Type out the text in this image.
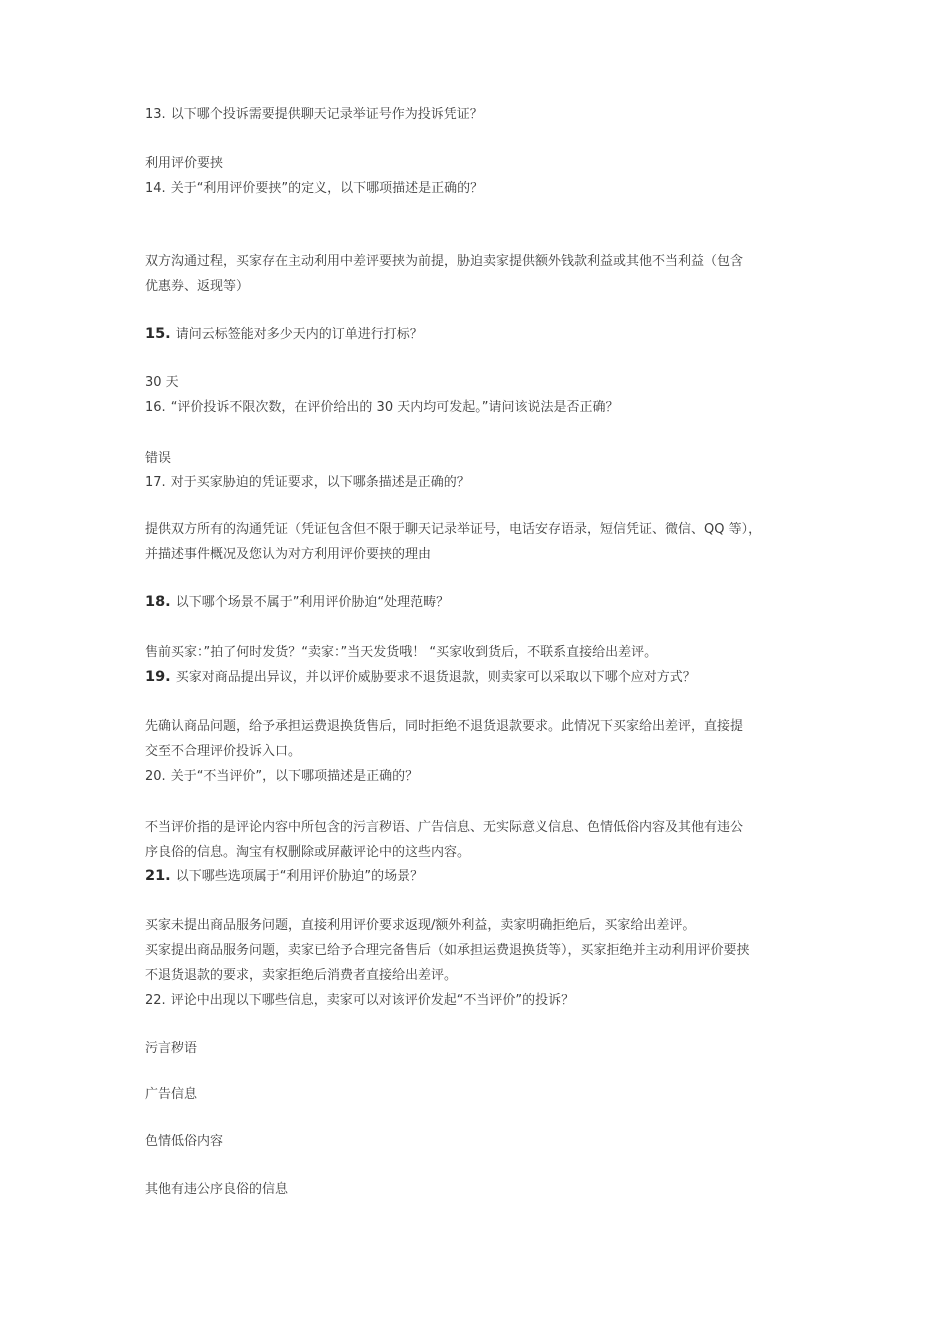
13. 以下哪个投诉需要提供聊天记录举证号作为投诉凭证？
利用评价要挟
14. 关于“利用评价要挟”的定义，以下哪项描述是正确的？
双方沟通过程，买家存在主动利用中差评要挟为前提，胁迫卖家提供额外钱款利益或其他不当利益（包含
优惠券、返现等）
15. 请问云标签能对多少天内的订单进行打标？
30 天
16. “评价投诉不限次数，在评价给出的 30 天内均可发起。”请问该说法是否正确？
错误
17. 对于买家胁迫的凭证要求，以下哪条描述是正确的？
提供双方所有的沟通凭证（凭证包含但不限于聊天记录举证号，电话安存语录，短信凭证、微信、QQ 等），
并描述事件概况及您认为对方利用评价要挟的理由
18. 以下哪个场景不属于”利用评价胁迫“处理范畴？
售前买家：”拍了何时发货？“卖家：”当天发货哦！ “买家收到货后，不联系直接给出差评。
19. 买家对商品提出异议，并以评价威胁要求不退货退款，则卖家可以采取以下哪个应对方式？
先确认商品问题，给予承担运费退换货售后，同时拒绝不退货退款要求。此情况下买家给出差评，直接提
交至不合理评价投诉入口。
20. 关于“不当评价”，以下哪项描述是正确的？
不当评价指的是评论内容中所包含的污言秽语、广告信息、无实际意义信息、色情低俗内容及其他有违公
序良俗的信息。淘宝有权删除或屏蔽评论中的这些内容。
21. 以下哪些选项属于“利用评价胁迫”的场景？
买家未提出商品服务问题，直接利用评价要求返现/额外利益，卖家明确拒绝后，买家给出差评。
买家提出商品服务问题，卖家已给予合理完备售后（如承担运费退换货等），买家拒绝并主动利用评价要挟
不退货退款的要求，卖家拒绝后消费者直接给出差评。
22. 评论中出现以下哪些信息，卖家可以对该评价发起“不当评价”的投诉？
污言秽语
广告信息
色情低俗内容
其他有违公序良俗的信息
